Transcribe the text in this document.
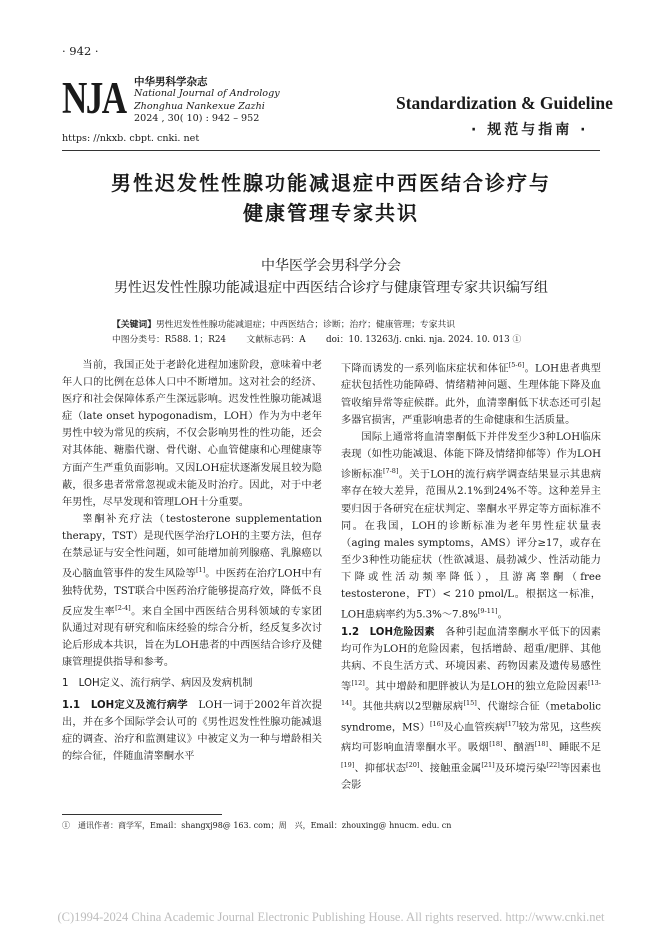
· 942 ·
NJA 中华男科学杂志
National Journal of Andrology
Zhonghua Nankexue Zazhi
2024 , 30( 10) : 942 – 952
https: //nkxb. cbpt. cnki. net
Standardization & Guideline
· 规范与指南 ·
男性迟发性性腺功能减退症中西医结合诊疗与
健康管理专家共识
中华医学会男科学分会
男性迟发性性腺功能减退症中西医结合诊疗与健康管理专家共识编写组
【关键词】男性迟发性性腺功能减退症；中西医结合；诊断；治疗；健康管理；专家共识
中图分类号：R588. 1；R24   文献标志码：A   doi：10. 13263/j. cnki. nja. 2024. 10. 013 ①

当前，我国正处于老龄化进程加速阶段，意味着中老年人口的比例在总体人口中不断增加。这对社会的经济、医疗和社会保障体系产生深远影响。迟发性性腺功能减退症（late onset hypogonadism，LOH）作为为中老年男性中较为常见的疾病，不仅会影响男性的性功能，还会对其体能、糖脂代谢、骨代谢、心血管健康和心理健康等方面产生严重负面影响。又因LOH症状逐渐发展且较为隐蔽，很多患者常常忽视或未能及时治疗。因此，对于中老年男性，尽早发现和管理LOH十分重要。

睾酮补充疗法（testosterone supplementation therapy，TST）是现代医学治疗LOH的主要方法，但存在禁忌证与安全性问题，如可能增加前列腺癌、乳腺癌以及心脑血管事件的发生风险等[1]。中医药在治疗LOH中有独特优势，TST联合中医药治疗能够提高疗效，降低不良反应发生率[2-4]。来自全国中西医结合男科领域的专家团队通过对现有研究和临床经验的综合分析，经反复多次讨论后形成本共识，旨在为LOH患者的中西医结合诊疗及健康管理提供指导和参考。

1　LOH定义、流行病学、病因及发病机制

1.1　LOH定义及流行病学　LOH一词于2002年首次提出，并在多个国际学会认可的《男性迟发性性腺功能减退症的调查、治疗和监测建议》中被定义为一种与增龄相关的综合征，伴随血清睾酮水平

下降而诱发的一系列临床症状和体征[5-6]。LOH患者典型症状包括性功能障碍、情绪精神问题、生理体能下降及血管收缩异常等症候群。此外，血清睾酮低下状态还可引起多器官损害，严重影响患者的生命健康和生活质量。

国际上通常将血清睾酮低下并伴发至少3种LOH临床表现（如性功能减退、体能下降及情绪抑郁等）作为LOH诊断标准[7-8]。关于LOH的流行病学调查结果显示其患病率存在较大差异，范围从2.1%到24%不等。这种差异主要归因于各研究在症状判定、睾酮水平界定等方面标准不同。在我国，LOH的诊断标准为老年男性症状量表（aging males symptoms，AMS）评分≥17，或存在至少3种性功能症状（性欲减退、晨勃减少、性活动能力下降或性活动频率降低），且游离睾酮（free testosterone，FT）< 210 pmol/L。根据这一标准，LOH患病率约为5.3%～7.8%[9-11]。

1.2　LOH危险因素　各种引起血清睾酮水平低下的因素均可作为LOH的危险因素，包括增龄、超重/肥胖、其他共病、不良生活方式、环境因素、药物因素及遗传易感性等[12]。其中增龄和肥胖被认为是LOH的独立危险因素[13-14]。其他共病以2型糖尿病[15]、代谢综合征（metabolic syndrome，MS）[16]及心血管疾病[17]较为常见，这些疾病均可影响血清睾酮水平。吸烟[18]、酗酒[18]、睡眠不足[19]、抑郁状态[20]、接触重金属[21]及环境污染[22]等因素也会影

①　通讯作者：商学军，Email：shangxj98@ 163. com；周　兴，Email：zhouxing@ hnucm. edu. cn
(C)1994-2024 China Academic Journal Electronic Publishing House. All rights reserved. http://www.cnki.net
